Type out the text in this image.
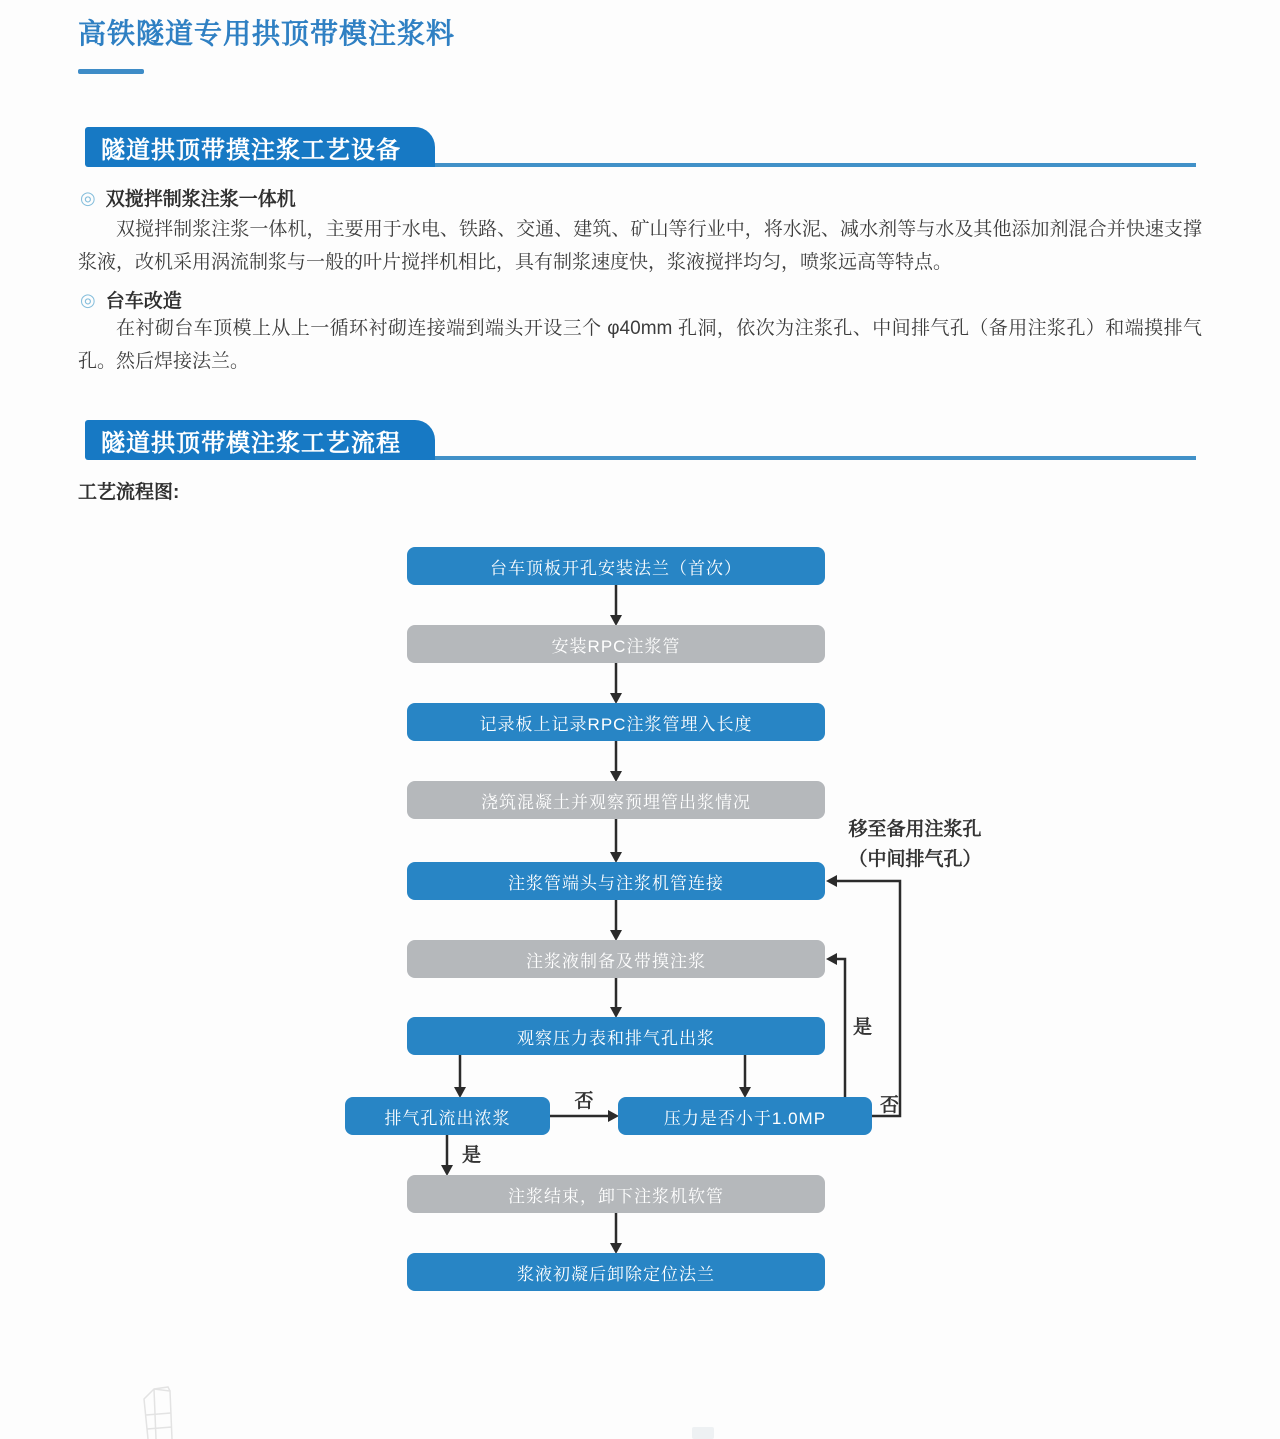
高铁隧道专用拱顶带模注浆料
隧道拱顶带摸注浆工艺设备
◎ 双搅拌制浆注浆一体机

双搅拌制浆注浆一体机，主要用于水电、铁路、交通、建筑、矿山等行业中，将水泥、减水剂等与水及其他添加剂混合并快速支撑浆液，改机采用涡流制浆与一般的叶片搅拌机相比，具有制浆速度快，浆液搅拌均匀，喷浆远高等特点。

◎ 台车改造

在衬砌台车顶模上从上一循环衬砌连接端到端头开设三个 φ40mm 孔洞，依次为注浆孔、中间排气孔（备用注浆孔）和端摸排气孔。然后焊接法兰。

隧道拱顶带模注浆工艺流程
工艺流程图:
台车顶板开孔安装法兰（首次）
安装RPC注浆管
记录板上记录RPC注浆管埋入长度
浇筑混凝土并观察预埋管出浆情况
注浆管端头与注浆机管连接
注浆液制备及带摸注浆
观察压力表和排气孔出浆
排气孔流出浓浆	压力是否小于1.0MP
注浆结束，卸下注浆机软管
浆液初凝后卸除定位法兰
否
是
是
否
移至备用注浆孔
（中间排气孔）
